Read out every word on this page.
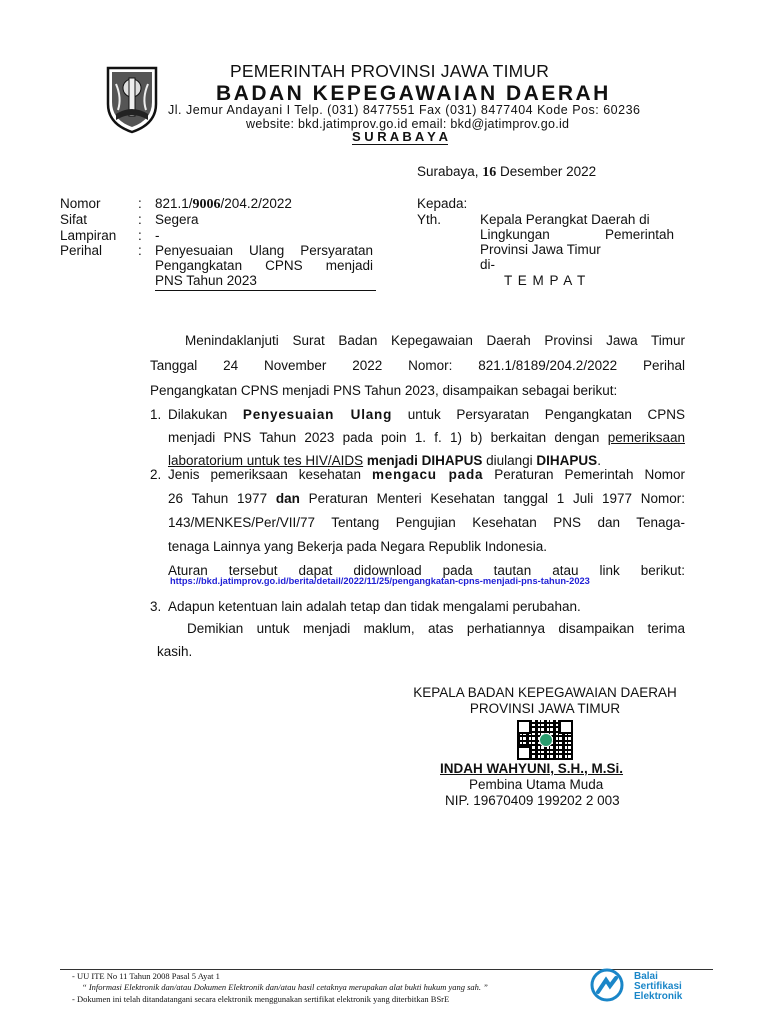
PEMERINTAH PROVINSI JAWA TIMUR
BADAN KEPEGAWAIAN DAERAH
Jl. Jemur Andayani I Telp. (031) 8477551 Fax (031) 8477404 Kode Pos: 60236
website: bkd.jatimprov.go.id email: bkd@jatimprov.go.id
S U R A B A Y A
Surabaya, 16 Desember 2022
Nomor	: 821.1/9006/204.2/2022
Sifat	: Segera
Lampiran : -
Perihal	: Penyesuaian Ulang Persyaratan
Pengangkatan CPNS menjadi
PNS Tahun 2023
Kepada:
Yth.	Kepala Perangkat Daerah di
Lingkungan Pemerintah
Provinsi Jawa Timur
di-
T E M P A T
Menindaklanjuti Surat Badan Kepegawaian Daerah Provinsi Jawa Timur
Tanggal 24 November 2022 Nomor: 821.1/8189/204.2/2022 Perihal
Pengangkatan CPNS menjadi PNS Tahun 2023, disampaikan sebagai berikut:
1. Dilakukan Penyesuaian Ulang untuk Persyaratan Pengangkatan CPNS
menjadi PNS Tahun 2023 pada poin 1. f. 1) b) berkaitan dengan pemeriksaan
laboratorium untuk tes HIV/AIDS menjadi DIHAPUS diulangi DIHAPUS.
2. Jenis pemeriksaan kesehatan mengacu pada Peraturan Pemerintah Nomor
26 Tahun 1977 dan Peraturan Menteri Kesehatan tanggal 1 Juli 1977 Nomor:
143/MENKES/Per/VII/77 Tentang Pengujian Kesehatan PNS dan Tenaga-
tenaga Lainnya yang Bekerja pada Negara Republik Indonesia.
Aturan tersebut dapat didownload pada tautan atau link berikut:
https://bkd.jatimprov.go.id/berita/detail/2022/11/25/pengangkatan-cpns-menjadi-pns-tahun-2023
3. Adapun ketentuan lain adalah tetap dan tidak mengalami perubahan.
Demikian untuk menjadi maklum, atas perhatiannya disampaikan terima
kasih.
KEPALA BADAN KEPEGAWAIAN DAERAH
PROVINSI JAWA TIMUR
INDAH WAHYUNI, S.H., M.Si.
Pembina Utama Muda
NIP. 19670409 199202 2 003
- UU ITE No 11 Tahun 2008 Pasal 5 Ayat 1
“ Informasi Elektronik dan/atau Dokumen Elektronik dan/atau hasil cetaknya merupakan alat bukti hukum yang sah. ”
- Dokumen ini telah ditandatangani secara elektronik menggunakan sertifikat elektronik yang diterbitkan BSrE
Balai
Sertifikasi
Elektronik
